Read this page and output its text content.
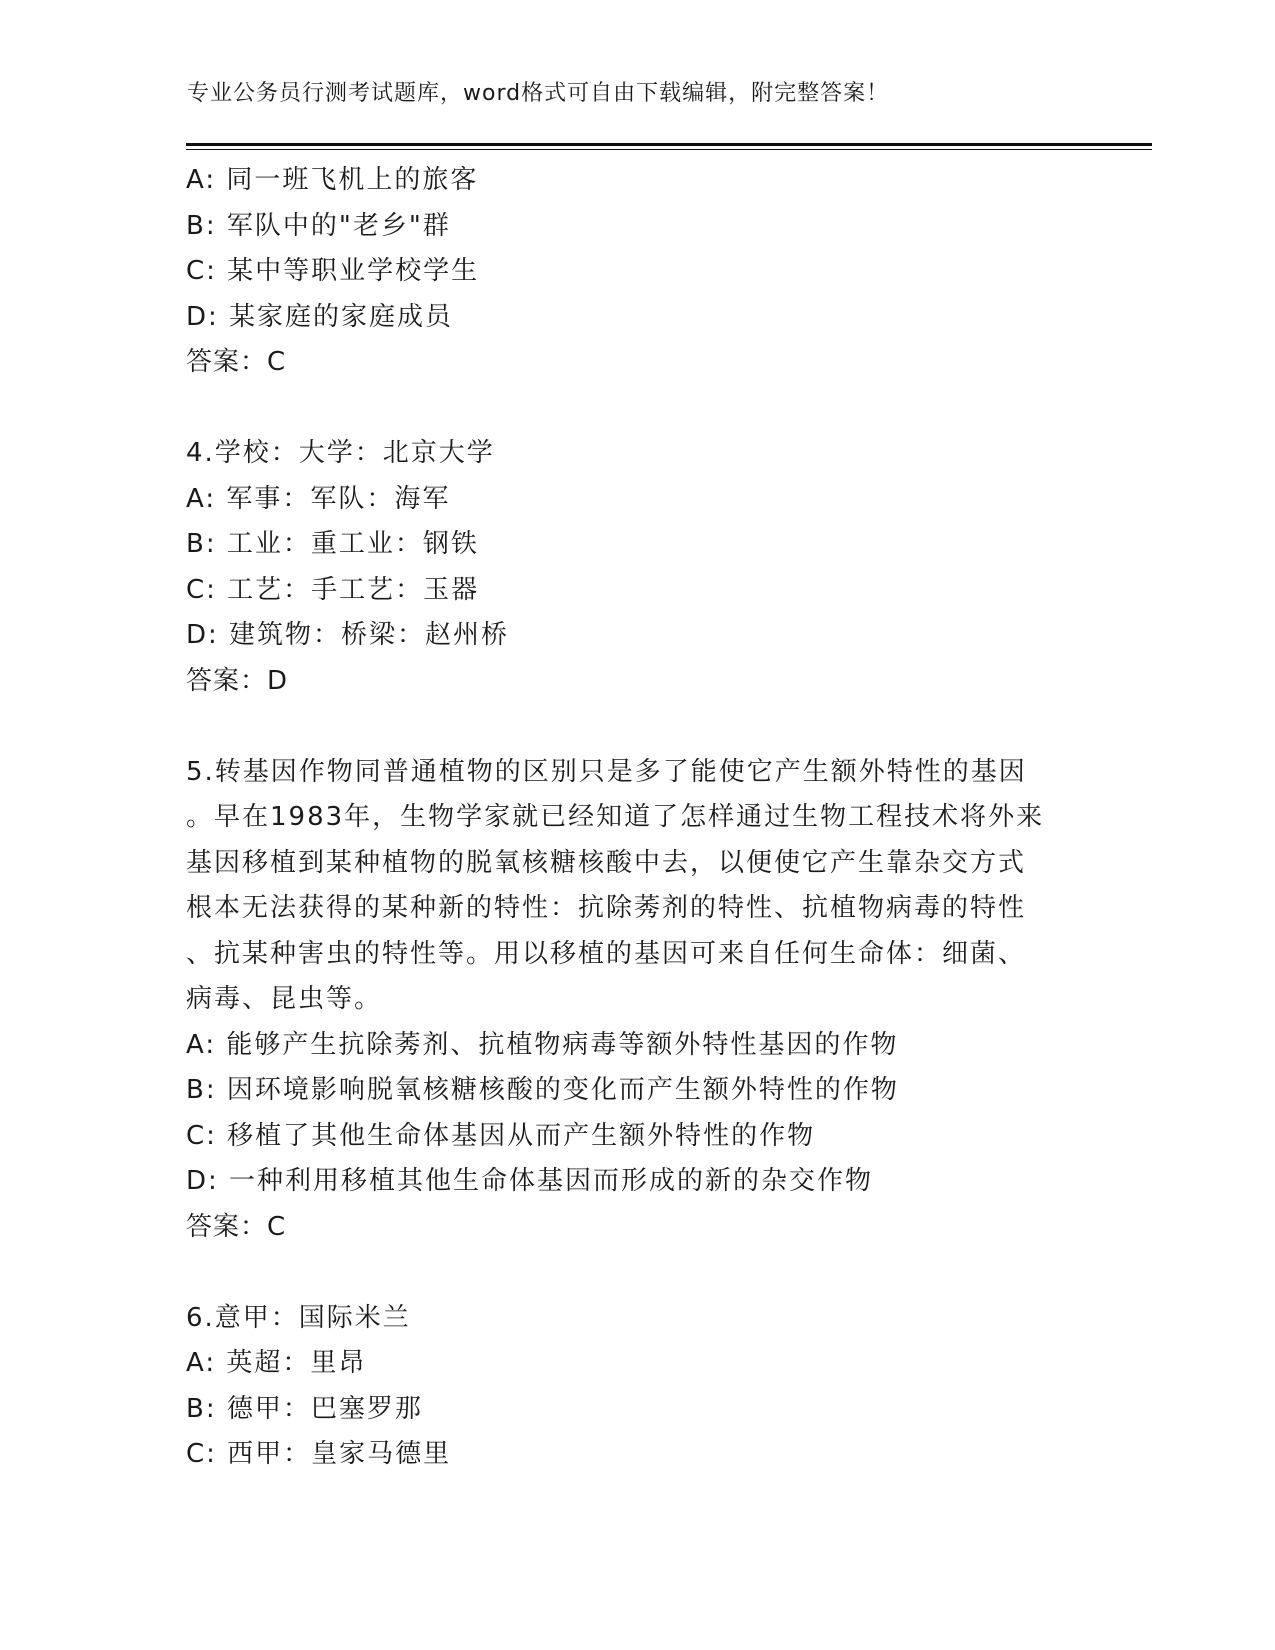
专业公务员行测考试题库，word格式可自由下载编辑，附完整答案！
A: 同一班飞机上的旅客
B: 军队中的"老乡"群
C: 某中等职业学校学生
D: 某家庭的家庭成员
答案：C
4.学校：大学：北京大学
A: 军事：军队：海军
B: 工业：重工业：钢铁
C: 工艺：手工艺：玉器
D: 建筑物：桥梁：赵州桥
答案：D
5.转基因作物同普通植物的区别只是多了能使它产生额外特性的基因
。早在1983年，生物学家就已经知道了怎样通过生物工程技术将外来
基因移植到某种植物的脱氧核糖核酸中去，以便使它产生靠杂交方式
根本无法获得的某种新的特性：抗除莠剂的特性、抗植物病毒的特性
、抗某种害虫的特性等。用以移植的基因可来自任何生命体：细菌、
病毒、昆虫等。
A: 能够产生抗除莠剂、抗植物病毒等额外特性基因的作物
B: 因环境影响脱氧核糖核酸的变化而产生额外特性的作物
C: 移植了其他生命体基因从而产生额外特性的作物
D: 一种利用移植其他生命体基因而形成的新的杂交作物
答案：C
6.意甲：国际米兰
A: 英超：里昂
B: 德甲：巴塞罗那
C: 西甲：皇家马德里
